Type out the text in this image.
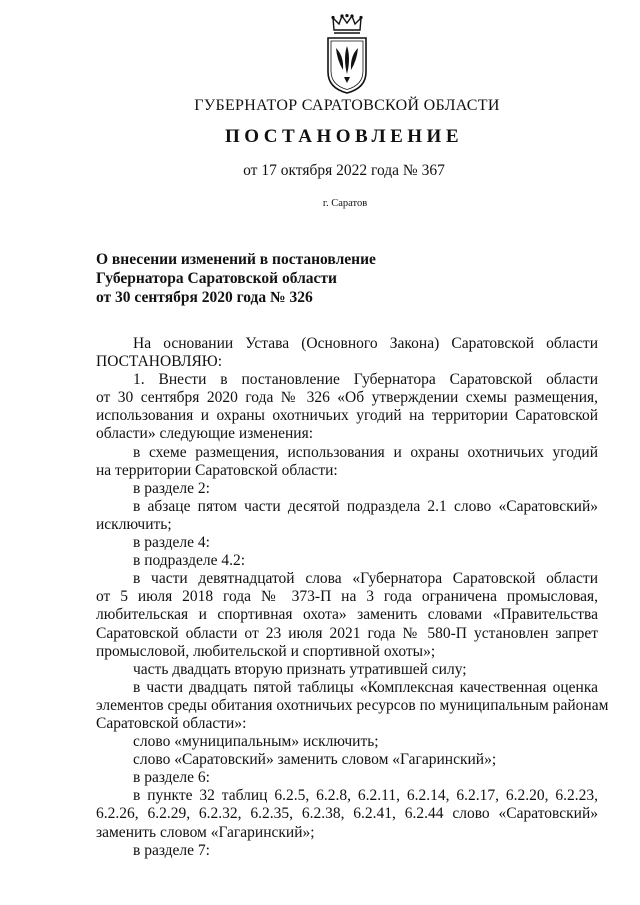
ГУБЕРНАТОР САРАТОВСКОЙ ОБЛАСТИ
ПОСТАНОВЛЕНИЕ
от 17 октября 2022 года № 367
г. Саратов
О внесении изменений в постановление
Губернатора Саратовской области
от 30 сентября 2020 года № 326
На основании Устава (Основного Закона) Саратовской области
ПОСТАНОВЛЯЮ:
1. Внести в постановление Губернатора Саратовской области
от 30 сентября 2020 года № 326 «Об утверждении схемы размещения,
использования и охраны охотничьих угодий на территории Саратовской
области» следующие изменения:
в схеме размещения, использования и охраны охотничьих угодий
на территории Саратовской области:
в разделе 2:
в абзаце пятом части десятой подраздела 2.1 слово «Саратовский»
исключить;
в разделе 4:
в подразделе 4.2:
в части девятнадцатой слова «Губернатора Саратовской области
от 5 июля 2018 года № 373-П на 3 года ограничена промысловая,
любительская и спортивная охота» заменить словами «Правительства
Саратовской области от 23 июля 2021 года № 580-П установлен запрет
промысловой, любительской и спортивной охоты»;
часть двадцать вторую признать утратившей силу;
в части двадцать пятой таблицы «Комплексная качественная оценка
элементов среды обитания охотничьих ресурсов по муниципальным районам
Саратовской области»:
слово «муниципальным» исключить;
слово «Саратовский» заменить словом «Гагаринский»;
в разделе 6:
в пункте 32 таблиц 6.2.5, 6.2.8, 6.2.11, 6.2.14, 6.2.17, 6.2.20, 6.2.23,
6.2.26, 6.2.29, 6.2.32, 6.2.35, 6.2.38, 6.2.41, 6.2.44 слово «Саратовский»
заменить словом «Гагаринский»;
в разделе 7:
